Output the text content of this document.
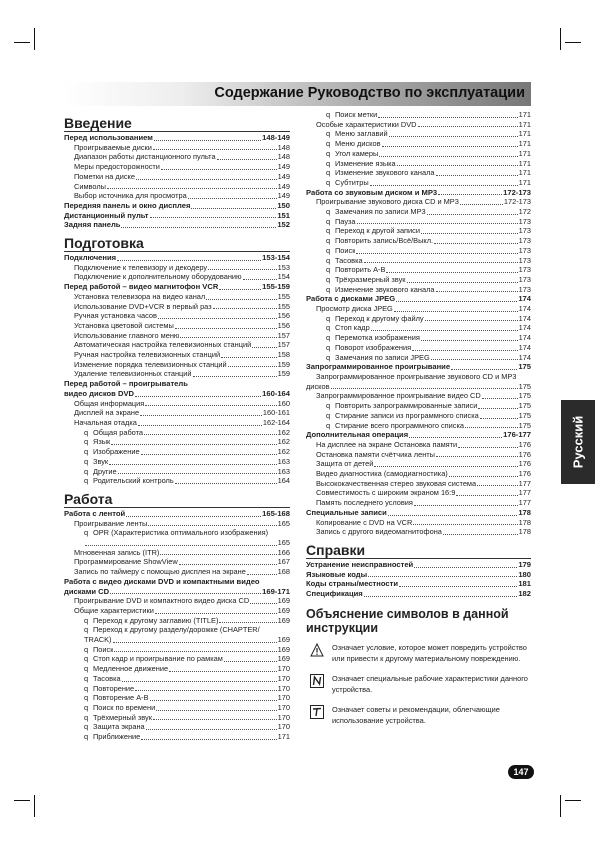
Содержание Руководство по эксплуатации
Введение
Перед использованием	148-149
Проигрываемые диски	148
Диапазон работы дистанционного пульта	148
Меры предосторожности	149
Пометки на диске	149
Символы	149
Выбор источника для просмотра	149
Передняя панель и окно дисплея	150
Дистанционный пульт	151
Задняя панель	152
Подготовка
Подключения	153-154
Подключение к телевизору и декодеру	153
Подключение к дополнительному оборудованию	154
Перед работой – видео магнитофон VCR	155-159
Установка телевизора на видео канал	155
Использование DVD+VCR в первый раз	155
Ручная установка часов	156
Установка цветовой системы	156
Использование главного меню	157
Автоматическая настройка телевизионных станций	157
Ручная настройка телевизионных станций	158
Изменение порядка телевизионных станций	159
Удаление телевизионных станций	159
Перед работой – проигрыватель
видео дисков DVD	160-164
Общая информация	160
Дисплей на экране	160-161
Начальная отадка	162-164
q Общая работа	162
q Язык	162
q Изображение	162
q Звук	163
q Другие	163
q Родительский контроль	164
Работа
Работа с лентой	165-168
Проигрывание ленты	165
q OPR (Характеристика оптимального изображения)
165
Мгновенная запись (ITR)	166
Программирование ShowView	167
Запись по таймеру с помощью дисплея на экране	168
Работа с видео дисками DVD и компактными видео
дисками CD	169-171
Проигрывание DVD и компактного видео диска CD	169
Общие характеристики	169
q Переход к другому заглавию (TITLE)	169
q Переход к другому разделу/дорожке (CHAPTER/
TRACK)	169
q Поиск	169
q Стоп кадр и проигрывание по рамкам	169
q Медленное движение	170
q Тасовка	170
q Повторение	170
q Повторение A-B	170
q Поиск по времени	170
q Трёхмерный звук	170
q Защита экрана	170
q Приближение	171
q Поиск метки	171
Особые характеристики DVD	171
q Меню заглавий	171
q Меню дисков	171
q Угол камеры	171
q Изменение языка	171
q Изменение звукового канала	171
q Субтитры	171
Работа со звуковым диском и MP3	172-173
Проигрывание звукового диска CD и MP3	172-173
q Замечания по записи MP3	172
q Пауза	173
q Переход к другой записи	173
q Повторить запись/Всё/Выкл.	173
q Поиск	173
q Тасовка	173
q Повторить A-B	173
q Трёхразмерный звук	173
q Изменение звукового канала	173
Работа с дисками JPEG	174
Просмотр диска JPEG	174
q Переход к другому файлу	174
q Стоп кадр	174
q Перемотка изображения	174
q Поворот изображения	174
q Замечания по записи JPEG	174
Запрограммированное проигрывание	175
Запрограммированное проигрывание звукового CD и MP3
дисков	175
Запрограммированное проигрывание видео CD	175
q Повторить запрограммированные записи	175
q Стирание записи из программного списка	175
q Стирание всего программного списка	175
Дополнительная операция	176-177
На дисплее на экране Остановка памяти	176
Остановка памяти счётчика ленты	176
Защита от детей	176
Видео диагностика (самодиагностика)	176
Высококачественная стерео звуковая система	177
Совместимость с широким экраном 16:9	177
Память последнего условия	177
Специальные записи	178
Копирование с DVD на VCR	178
Запись с другого видеомагнитофона	178
Справки
Устранение неисправностей	179
Языковые коды	180
Коды страны/местности	181
Спецификация	182
Объяснение символов в данной инструкции
Означает условие, которое может повредить устройство или привести к другому материальному повреждению.
Означает специальные рабочие характеристики данного устройства.
Означает советы и рекомендации, облегчающие использование устройства.
Русский
147
